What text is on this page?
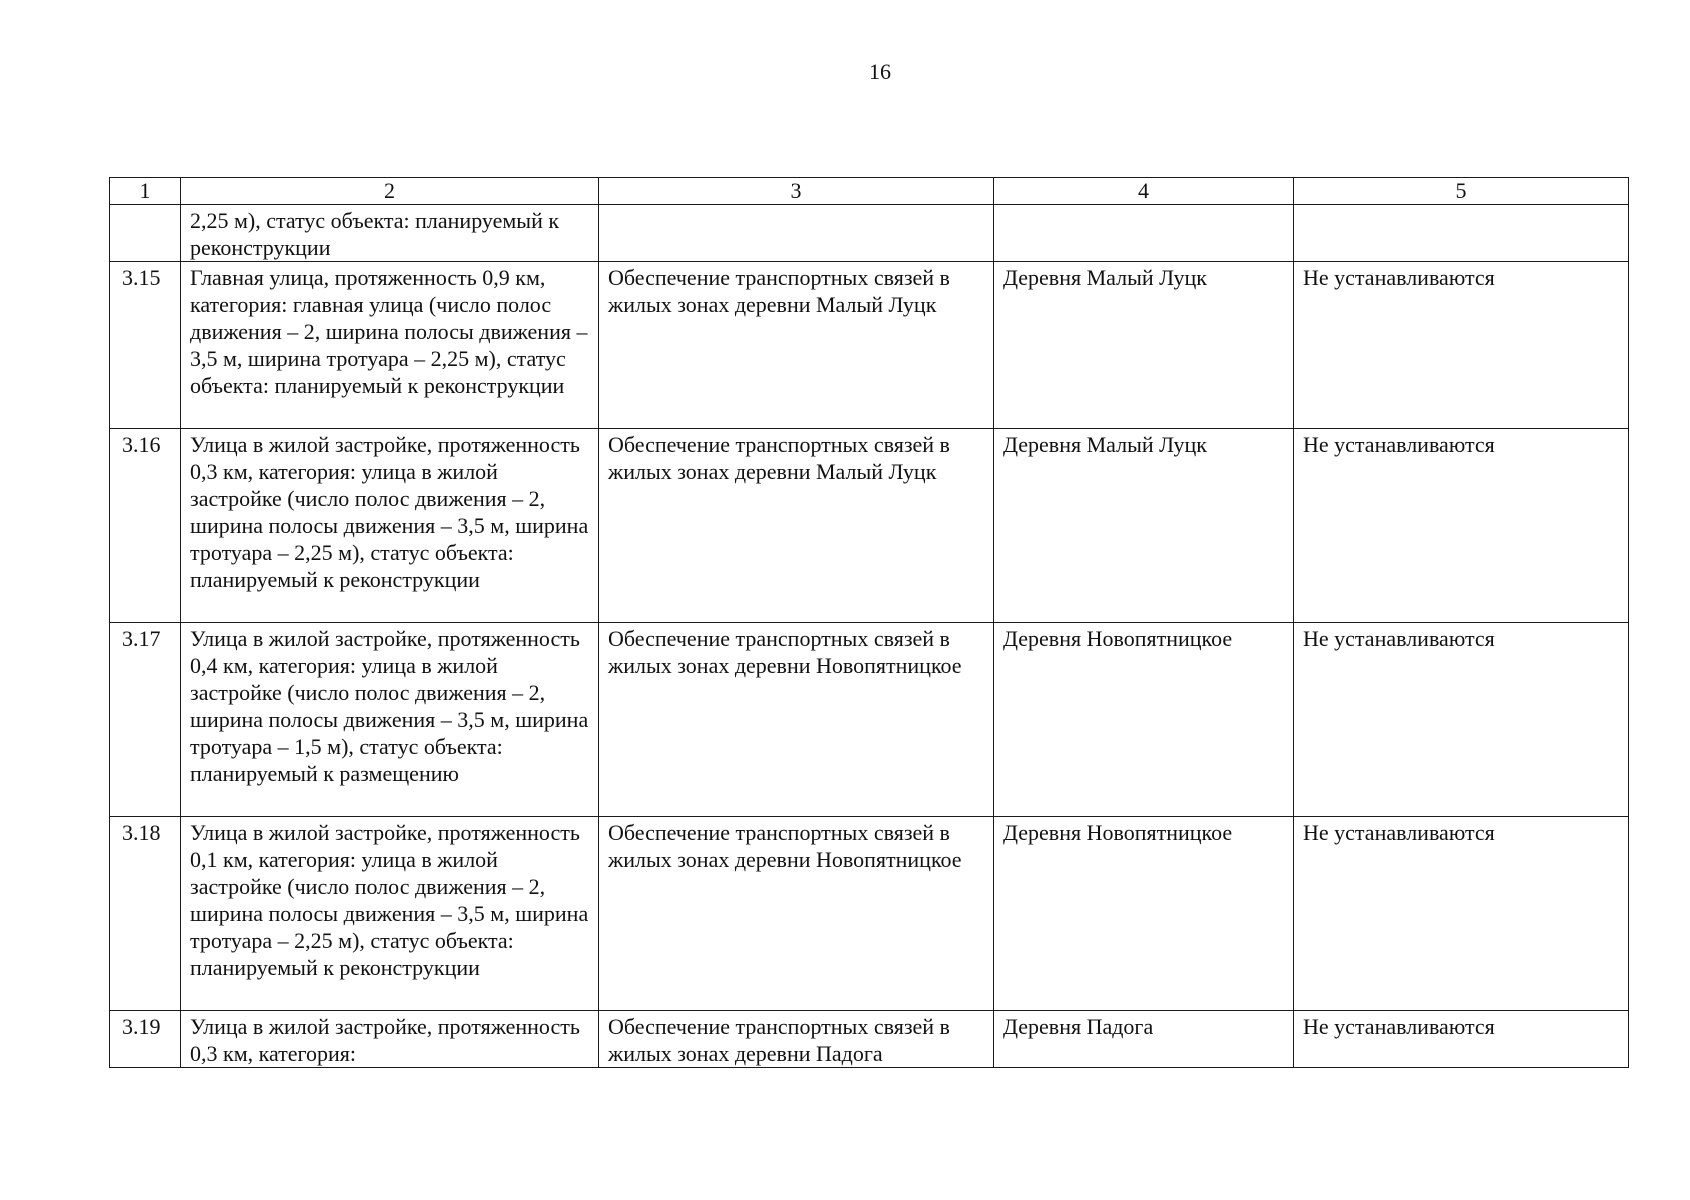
16
1	2	3	4	5
	2,25 м), статус объекта: планируемый к реконструкции			
3.15	Главная улица, протяженность 0,9 км, категория: главная улица (число полос движения – 2, ширина полосы движения – 3,5 м, ширина тротуара – 2,25 м), статус объекта: планируемый к реконструкции	Обеспечение транспортных связей в жилых зонах деревни Малый Луцк	Деревня Малый Луцк	Не устанавливаются
3.16	Улица в жилой застройке, протяженность 0,3 км, категория: улица в жилой застройке (число полос движения – 2, ширина полосы движения – 3,5 м, ширина тротуара – 2,25 м), статус объекта: планируемый к реконструкции	Обеспечение транспортных связей в жилых зонах деревни Малый Луцк	Деревня Малый Луцк	Не устанавливаются
3.17	Улица в жилой застройке, протяженность 0,4 км, категория: улица в жилой застройке (число полос движения – 2, ширина полосы движения – 3,5 м, ширина тротуара – 1,5 м), статус объекта: планируемый к размещению	Обеспечение транспортных связей в жилых зонах деревни Новопятницкое	Деревня Новопятницкое	Не устанавливаются
3.18	Улица в жилой застройке, протяженность 0,1 км, категория: улица в жилой застройке (число полос движения – 2, ширина полосы движения – 3,5 м, ширина тротуара – 2,25 м), статус объекта: планируемый к реконструкции	Обеспечение транспортных связей в жилых зонах деревни Новопятницкое	Деревня Новопятницкое	Не устанавливаются
3.19	Улица в жилой застройке, протяженность 0,3 км, категория:	Обеспечение транспортных связей в жилых зонах деревни Падога	Деревня Падога	Не устанавливаются
